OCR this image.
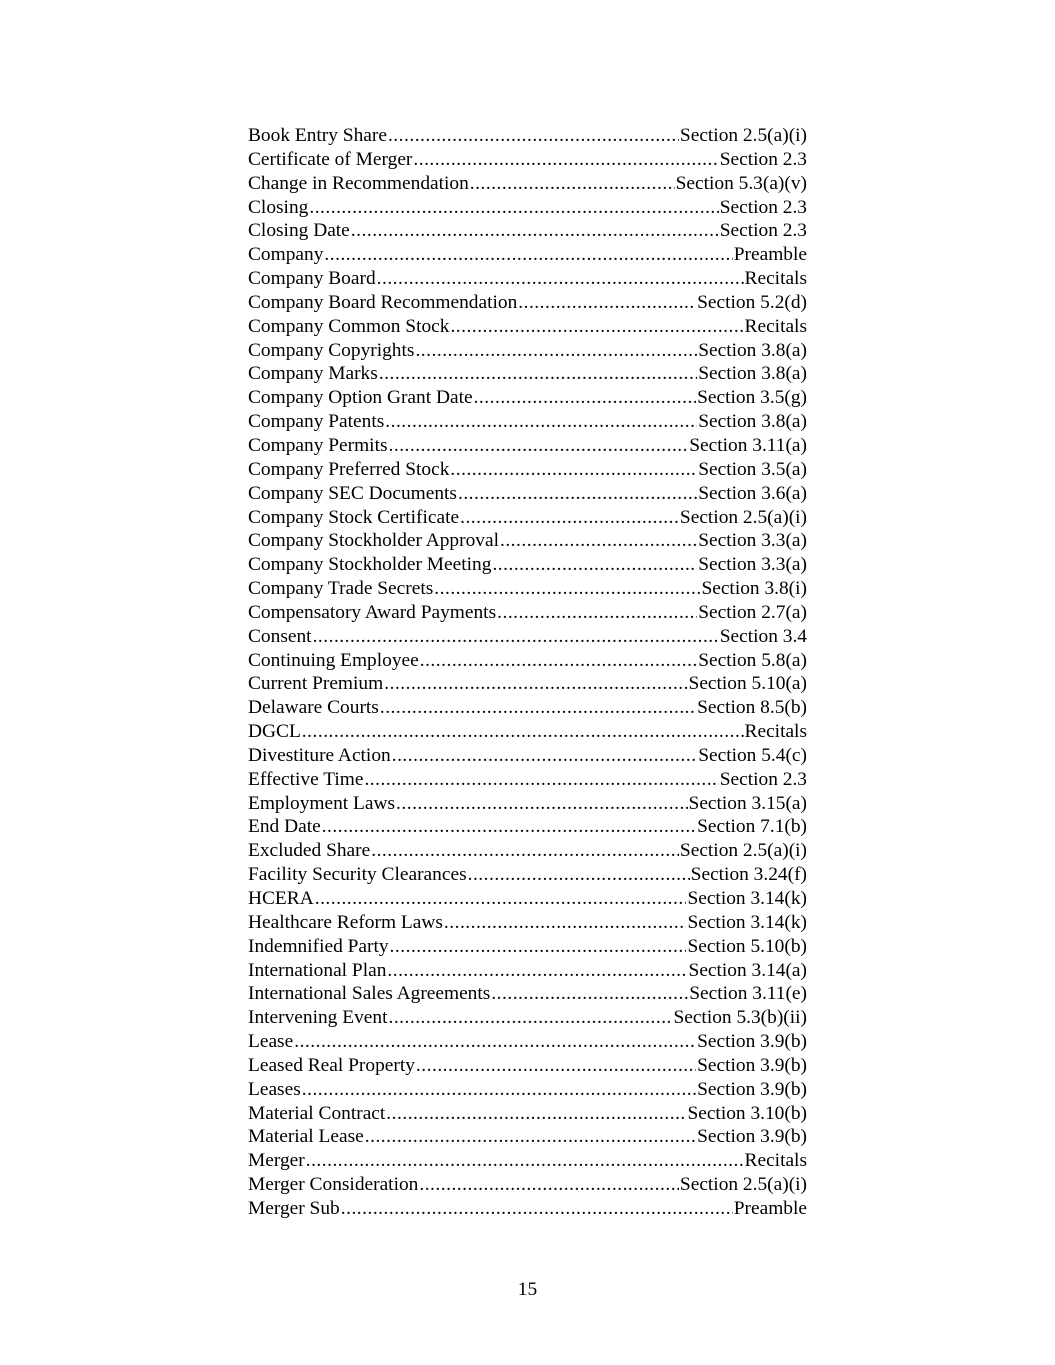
Book Entry Share .....	Section 2.5(a)(i)
Certificate of Merger .....	Section 2.3
Change in Recommendation .....	Section 5.3(a)(v)
Closing .....	Section 2.3
Closing Date .....	Section 2.3
Company .....	Preamble
Company Board .....	Recitals
Company Board Recommendation .....	Section 5.2(d)
Company Common Stock .....	Recitals
Company Copyrights .....	Section 3.8(a)
Company Marks .....	Section 3.8(a)
Company Option Grant Date .....	Section 3.5(g)
Company Patents .....	Section 3.8(a)
Company Permits .....	Section 3.11(a)
Company Preferred Stock .....	Section 3.5(a)
Company SEC Documents .....	Section 3.6(a)
Company Stock Certificate .....	Section 2.5(a)(i)
Company Stockholder Approval .....	Section 3.3(a)
Company Stockholder Meeting .....	Section 3.3(a)
Company Trade Secrets .....	Section 3.8(i)
Compensatory Award Payments .....	Section 2.7(a)
Consent .....	Section 3.4
Continuing Employee .....	Section 5.8(a)
Current Premium .....	Section 5.10(a)
Delaware Courts .....	Section 8.5(b)
DGCL .....	Recitals
Divestiture Action .....	Section 5.4(c)
Effective Time .....	Section 2.3
Employment Laws .....	Section 3.15(a)
End Date .....	Section 7.1(b)
Excluded Share .....	Section 2.5(a)(i)
Facility Security Clearances .....	Section 3.24(f)
HCERA .....	Section 3.14(k)
Healthcare Reform Laws .....	Section 3.14(k)
Indemnified Party .....	Section 5.10(b)
International Plan .....	Section 3.14(a)
International Sales Agreements .....	Section 3.11(e)
Intervening Event .....	Section 5.3(b)(ii)
Lease .....	Section 3.9(b)
Leased Real Property .....	Section 3.9(b)
Leases .....	Section 3.9(b)
Material Contract .....	Section 3.10(b)
Material Lease .....	Section 3.9(b)
Merger .....	Recitals
Merger Consideration .....	Section 2.5(a)(i)
Merger Sub .....	Preamble
15
